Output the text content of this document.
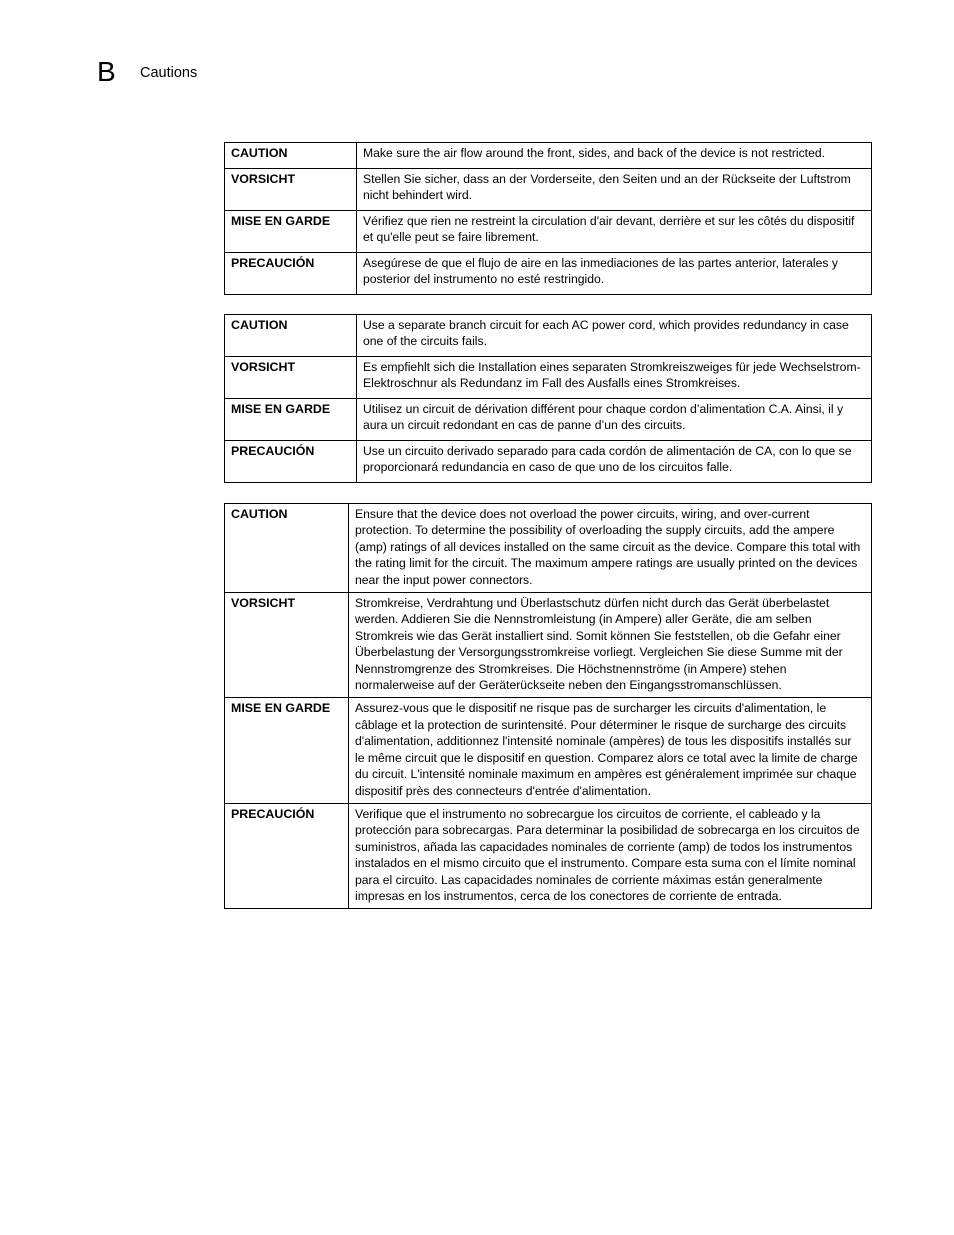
B Cautions
CAUTION	Make sure the air flow around the front, sides, and back of the device is not restricted.
VORSICHT	Stellen Sie sicher, dass an der Vorderseite, den Seiten und an der Rückseite der Luftstrom nicht behindert wird.
MISE EN GARDE	Vérifiez que rien ne restreint la circulation d'air devant, derrière et sur les côtés du dispositif et qu'elle peut se faire librement.
PRECAUCIÓN	Asegúrese de que el flujo de aire en las inmediaciones de las partes anterior, laterales y posterior del instrumento no esté restringido.
CAUTION	Use a separate branch circuit for each AC power cord, which provides redundancy in case one of the circuits fails.
VORSICHT	Es empfiehlt sich die Installation eines separaten Stromkreiszweiges für jede Wechselstrom-Elektroschnur als Redundanz im Fall des Ausfalls eines Stromkreises.
MISE EN GARDE	Utilisez un circuit de dérivation différent pour chaque cordon d’alimentation C.A. Ainsi, il y aura un circuit redondant en cas de panne d’un des circuits.
PRECAUCIÓN	Use un circuito derivado separado para cada cordón de alimentación de CA, con lo que se proporcionará redundancia en caso de que uno de los circuitos falle.
CAUTION	Ensure that the device does not overload the power circuits, wiring, and over-current protection. To determine the possibility of overloading the supply circuits, add the ampere (amp) ratings of all devices installed on the same circuit as the device. Compare this total with the rating limit for the circuit. The maximum ampere ratings are usually printed on the devices near the input power connectors.
VORSICHT	Stromkreise, Verdrahtung und Überlastschutz dürfen nicht durch das Gerät überbelastet werden. Addieren Sie die Nennstromleistung (in Ampere) aller Geräte, die am selben Stromkreis wie das Gerät installiert sind. Somit können Sie feststellen, ob die Gefahr einer Überbelastung der Versorgungsstromkreise vorliegt. Vergleichen Sie diese Summe mit der Nennstromgrenze des Stromkreises. Die Höchstnennströme (in Ampere) stehen normalerweise auf der Geräterückseite neben den Eingangsstromanschlüssen.
MISE EN GARDE	Assurez-vous que le dispositif ne risque pas de surcharger les circuits d'alimentation, le câblage et la protection de surintensité. Pour déterminer le risque de surcharge des circuits d'alimentation, additionnez l'intensité nominale (ampères) de tous les dispositifs installés sur le même circuit que le dispositif en question. Comparez alors ce total avec la limite de charge du circuit. L'intensité nominale maximum en ampères est généralement imprimée sur chaque dispositif près des connecteurs d'entrée d'alimentation.
PRECAUCIÓN	Verifique que el instrumento no sobrecargue los circuitos de corriente, el cableado y la protección para sobrecargas. Para determinar la posibilidad de sobrecarga en los circuitos de suministros, añada las capacidades nominales de corriente (amp) de todos los instrumentos instalados en el mismo circuito que el instrumento. Compare esta suma con el límite nominal para el circuito. Las capacidades nominales de corriente máximas están generalmente impresas en los instrumentos, cerca de los conectores de corriente de entrada.
